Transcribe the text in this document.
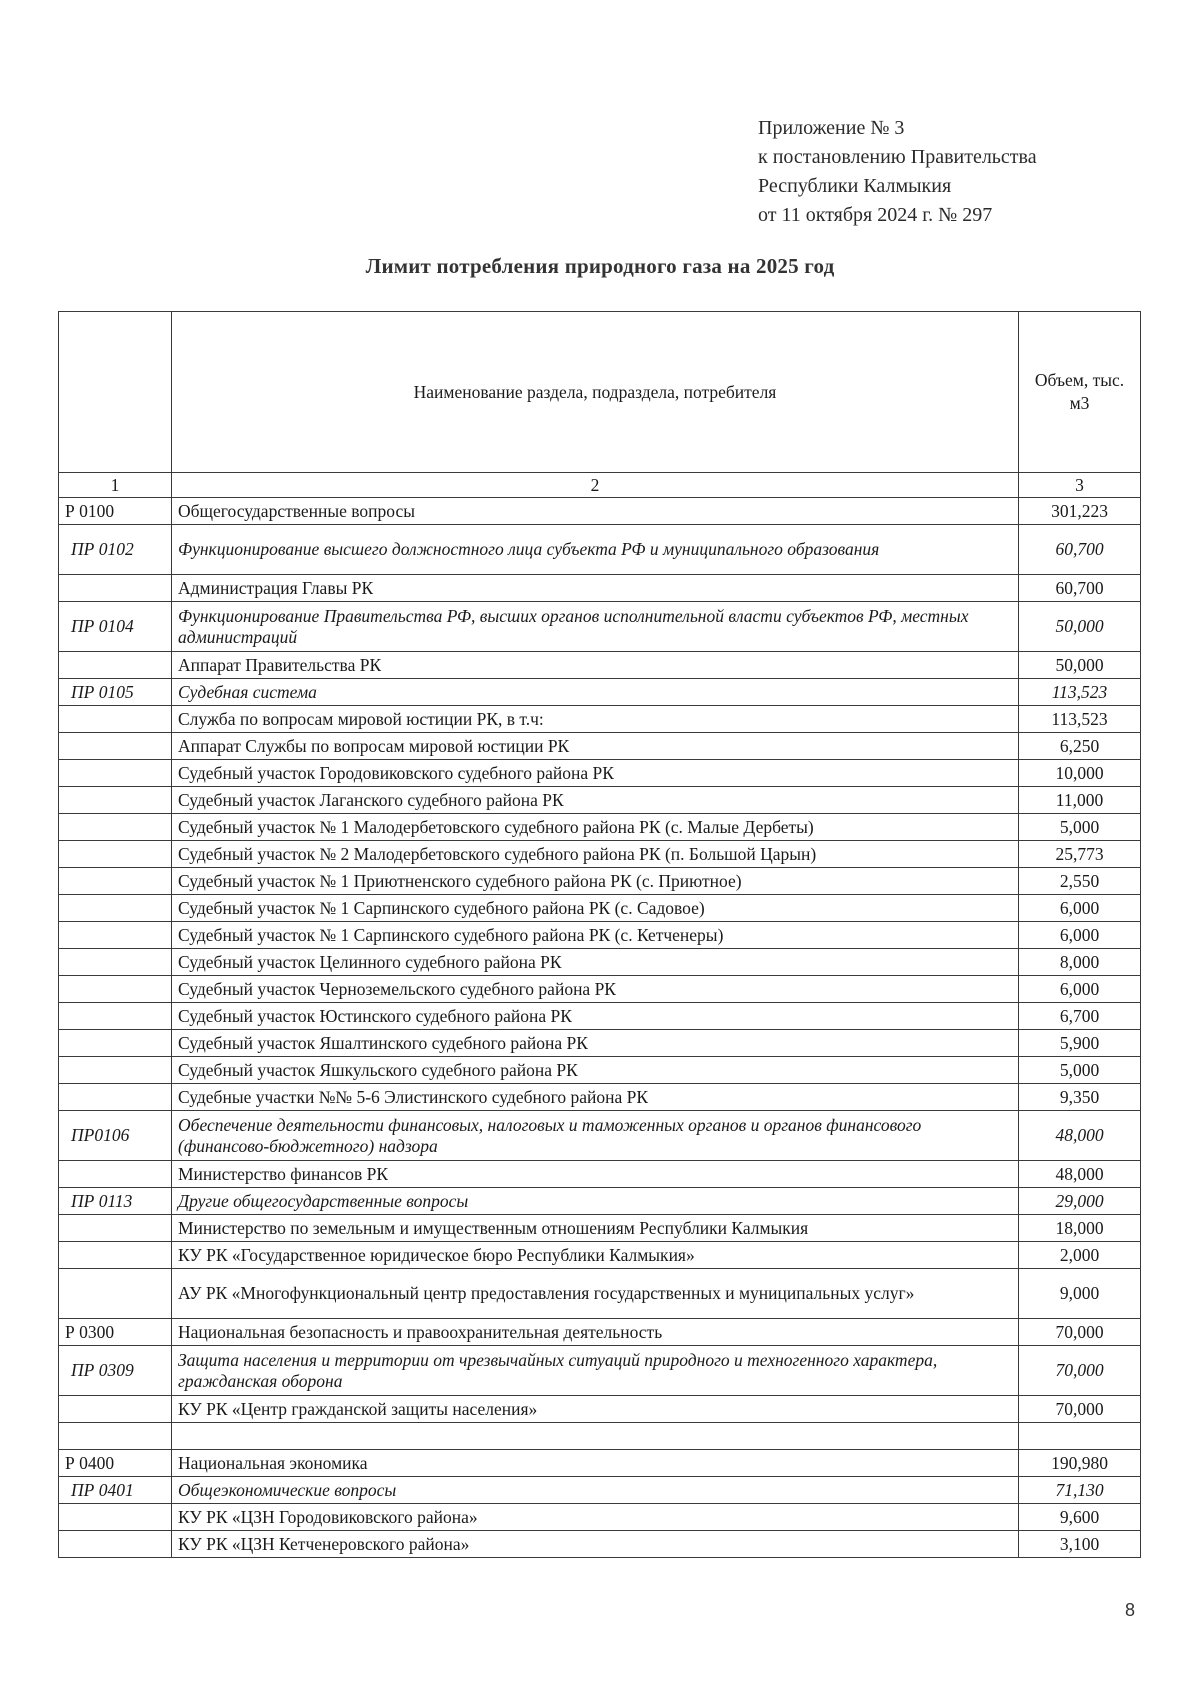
Приложение № 3
к постановлению Правительства
Республики Калмыкия
от 11 октября 2024 г. № 297
Лимит потребления природного газа на 2025 год
	Наименование раздела, подраздела, потребителя	Объем, тыс. м3
1	2	3
Р 0100	Общегосударственные вопросы	301,223
ПР 0102	Функционирование высшего должностного лица субъекта РФ и муниципального образования	60,700
	Администрация Главы РК	60,700
ПР 0104	Функционирование Правительства РФ, высших органов исполнительной власти субъектов РФ, местных администраций	50,000
	Аппарат Правительства РК	50,000
ПР 0105	Судебная система	113,523
	Служба по вопросам мировой юстиции РК, в т.ч:	113,523
	Аппарат Службы по вопросам мировой юстиции РК	6,250
	Судебный участок Городовиковского судебного района РК	10,000
	Судебный участок Лаганского судебного района РК	11,000
	Судебный участок № 1 Малодербетовского судебного района РК (с. Малые Дербеты)	5,000
	Судебный участок № 2 Малодербетовского судебного района РК (п. Большой Царын)	25,773
	Судебный участок № 1 Приютненского судебного района РК (с. Приютное)	2,550
	Судебный участок № 1 Сарпинского судебного района РК (с. Садовое)	6,000
	Судебный участок № 1 Сарпинского судебного района РК (с. Кетченеры)	6,000
	Судебный участок Целинного судебного района РК	8,000
	Судебный участок Черноземельского судебного района РК	6,000
	Судебный участок Юстинского судебного района РК	6,700
	Судебный участок Яшалтинского судебного района РК	5,900
	Судебный участок Яшкульского судебного района РК	5,000
	Судебные участки №№ 5-6 Элистинского судебного района РК	9,350
ПР0106	Обеспечение деятельности финансовых, налоговых и таможенных органов и органов финансового (финансово-бюджетного) надзора	48,000
	Министерство финансов РК	48,000
ПР 0113	Другие общегосударственные вопросы	29,000
	Министерство по земельным и имущественным отношениям Республики Калмыкия	18,000
	КУ РК «Государственное юридическое бюро Республики Калмыкия»	2,000
	АУ РК «Многофункциональный центр предоставления государственных и муниципальных услуг»	9,000
Р 0300	Национальная безопасность и правоохранительная деятельность	70,000
ПР 0309	Защита населения и территории от чрезвычайных ситуаций природного и техногенного характера, гражданская оборона	70,000
	КУ РК «Центр гражданской защиты населения»	70,000

Р 0400	Национальная экономика	190,980
ПР 0401	Общеэкономические вопросы	71,130
	КУ РК «ЦЗН Городовиковского района»	9,600
	КУ РК «ЦЗН Кетченеровского района»	3,100
8
